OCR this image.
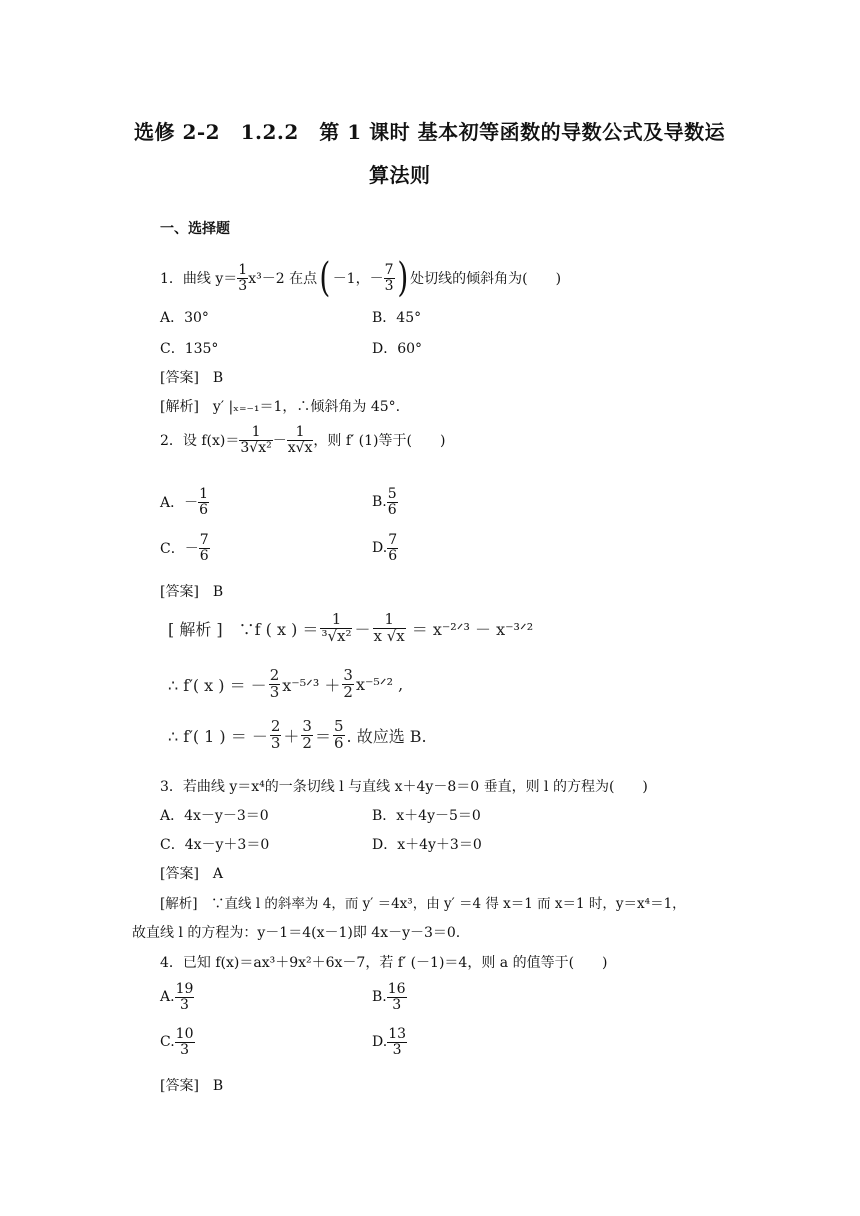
选修 2-2　1.2.2　第 1 课时 基本初等函数的导数公式及导数运
算法则
一、选择题
1．曲线 $y= \frac{1}{3} x^3-2$ 在点 ( －1，－ $\frac{7}{3}$ ) 处切线的倾斜角为(　　)
A．30°	B．45°
C．135°	D．60°
[答案]　B
[解析]　y′ |ₓ₌₋₁＝1，∴倾斜角为 45°.
2．设 $f(x)= \frac{1}{\text{3√x²}} - \frac{1}{x√x}$ ，则 f′ (1)等于(　　)
A．－ $\frac{1}{6}$	B. $\frac{5}{6}$
C．－ $\frac{7}{6}$	D. $\frac{7}{6}$
[答案]　B
[ 解析 ]　∵f ( x ) ＝ $\frac{1}{\text{³√x²}} - \frac{1}{x √x}$ ＝ x⁻²ᐟ³ － x⁻³ᐟ²
∴ f′( x ) ＝ － $\frac{2}{3}$ x⁻⁵ᐟ³ ＋ $\frac{3}{2}$ x⁻⁵ᐟ² ,
∴ f′( 1 ) ＝ － $\frac{2}{3} + \frac{3}{2} = \frac{5}{6}$ . 故应选 B.
3．若曲线 y＝x⁴的一条切线 l 与直线 x＋4y－8＝0 垂直，则 l 的方程为(　　)
A．4x－y－3＝0	B．x＋4y－5＝0
C．4x－y＋3＝0	D．x＋4y＋3＝0
[答案]　A
[解析]　∵直线 l 的斜率为 4，而 y′ ＝4x³，由 y′ ＝4 得 x＝1 而 x＝1 时，y＝x⁴＝1，
故直线 l 的方程为：y－1＝4(x－1)即 4x－y－3＝0.
4．已知 f(x)＝ax³＋9x²＋6x－7，若 f′ (－1)＝4，则 a 的值等于(　　)
A. $\frac{19}{3}$	B. $\frac{16}{3}$
C. $\frac{10}{3}$	D. $\frac{13}{3}$
[答案]　B
